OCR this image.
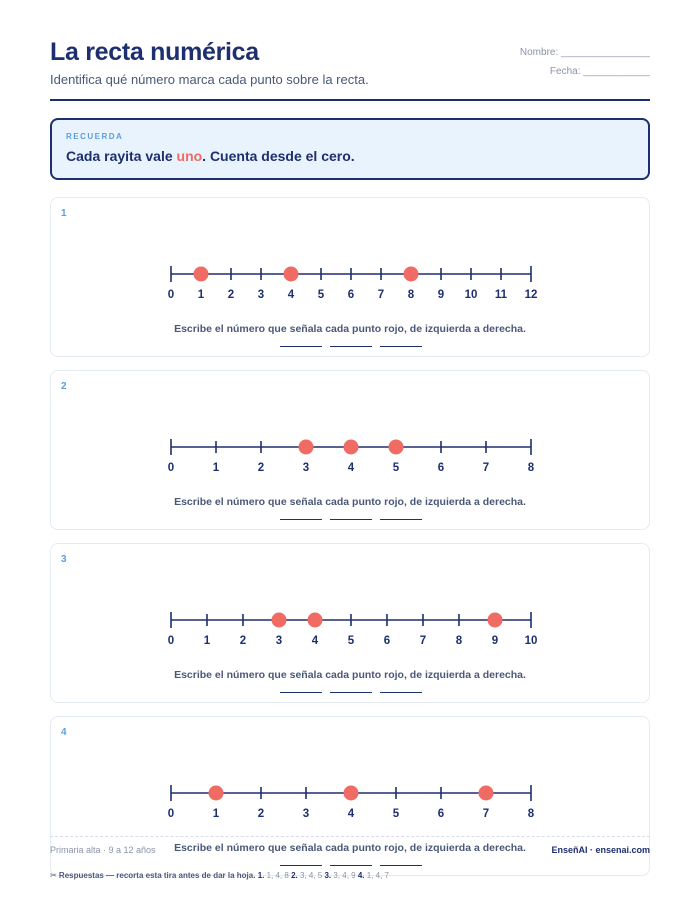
La recta numérica
Identifica qué número marca cada punto sobre la recta.
Nombre: ________________
Fecha: ____________
RECUERDA
Cada rayita vale uno. Cuenta desde el cero.
1
0 1 2 3 4 5 6 7 8 9 10 11 12
Escribe el número que señala cada punto rojo, de izquierda a derecha.
2
0	1	2	3	4	5	6	7	8
Escribe el número que señala cada punto rojo, de izquierda a derecha.
3
0	1	2	3	4	5	6	7	8	9 10
Escribe el número que señala cada punto rojo, de izquierda a derecha.
4
0	1	2	3	4	5	6	7	8
Escribe el número que señala cada punto rojo, de izquierda a derecha.
Primaria alta · 9 a 12 años	EnseñAI · ensenai.com
✂ Respuestas — recorta esta tira antes de dar la hoja. 1. 1, 4, 8 2. 3, 4, 5 3. 3, 4, 9 4. 1, 4, 7
